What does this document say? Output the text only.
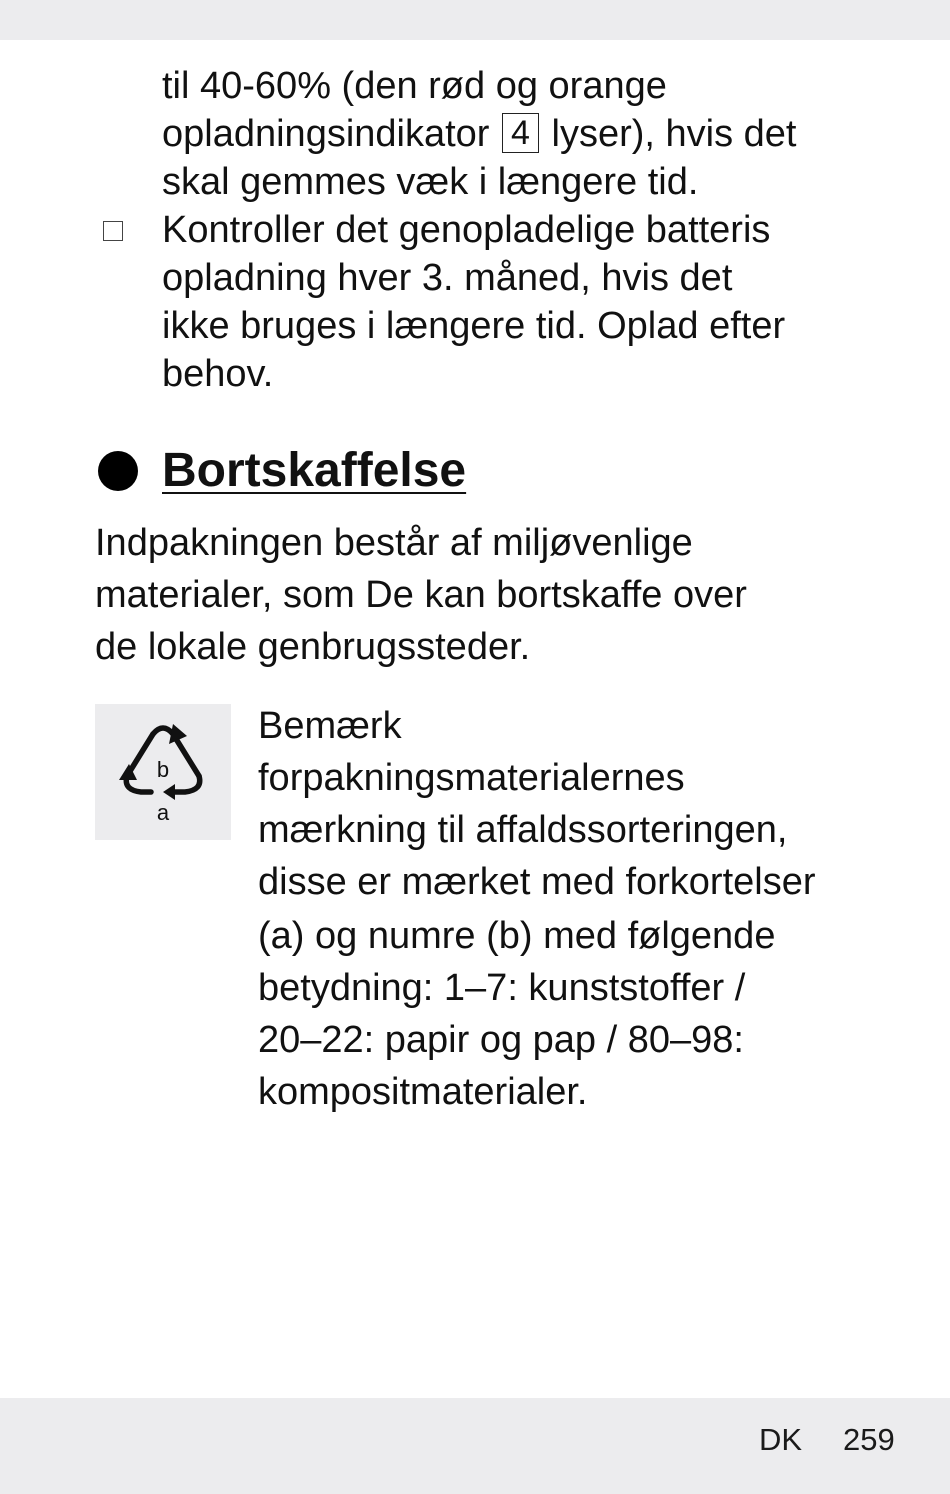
til 40-60% (den rød og orange
opladningsindikator 4 lyser), hvis det
skal gemmes væk i længere tid.
Kontroller det genopladelige batteris
opladning hver 3. måned, hvis det
ikke bruges i længere tid. Oplad efter
behov.
Bortskaffelse
Indpakningen består af miljøvenlige
materialer, som De kan bortskaffe over
de lokale genbrugssteder.
b
a
Bemærk
forpakningsmaterialernes
mærkning til affaldssorteringen,
disse er mærket med forkortelser
(a) og numre (b) med følgende
betydning: 1–7: kunststoffer /
20–22: papir og pap / 80–98:
kompositmaterialer.
DK 259
